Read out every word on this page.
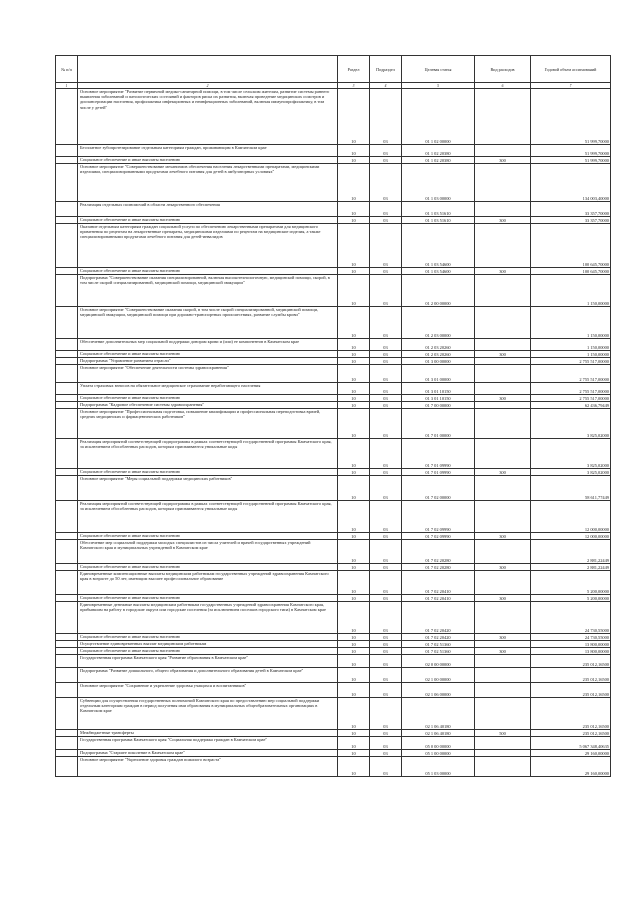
№ п/п		Раздел	Подраздел	Целевая статья	Вид расходов	Годовой объем ассигнований
1	2	3	4	5	6	7
	Основное мероприятие "Развитие первичной медико-санитарной помощи, в том числе сельским жителям, развитие системы раннего выявления заболеваний и патологических состояний и факторов риска их развития, включая проведение медицинских осмотров и диспансеризации населения, профилактика инфекционных и неинфекционных заболеваний, включая иммунопрофилактику, в том числе у детей"	10	03	01 1 02 00000		51 999,70000
	Бесплатное зубопротезирование отдельным категориям граждан, проживающим в Камчатском крае	10	03	01 1 02 20380		51 999,70000
	Социальное обеспечение и иные выплаты населению	10	03	01 1 02 20380	300	51 999,70000
	Основное мероприятие "Совершенствование механизмов обеспечения населения лекарственными препаратами, медицинскими изделиями, специализированными продуктами лечебного питания для детей в амбулаторных условиях"	10	03	01 1 03 00000		134 003,40000
	Реализация отдельных полномочий в области лекарственного обеспечения	10	03	01 1 03 51610		33 357,70000
	Социальное обеспечение и иные выплаты населению	10	03	01 1 03 51610	300	33 357,70000
	Оказание отдельным категориям граждан социальной услуги по обеспечению лекарственными препаратами для медицинского применения по рецептам на лекарственные препараты, медицинскими изделиями по рецептам на медицинские изделия, а также специализированными продуктами лечебного питания для детей-инвалидов	10	03	01 1 03 54600		100 645,70000
	Социальное обеспечение и иные выплаты населению	10	03	01 1 03 54600	300	100 645,70000
	Подпрограмма "Совершенствование оказания специализированной, включая высокотехнологичную, медицинской помощи, скорой, в том числе скорой специализированной, медицинской помощи, медицинской эвакуации"	10	03	01 2 00 00000		1 150,00000
	Основное мероприятие "Совершенствование оказания скорой, в том числе скорой специализированной, медицинской помощи, медицинской эвакуации, медицинской помощи при дорожно-транспортных происшествиях, развитие службы крови"	10	03	01 2 03 00000		1 150,00000
	Обеспечение дополнительных мер социальной поддержки донорам крови и (или) ее компонентов в Камчатском крае	10	03	01 2 03 20260		1 150,00000
	Социальное обеспечение и иные выплаты населению	10	03	01 2 03 20260	300	1 150,00000
	Подпрограмма "Управление развитием отрасли"	10	03	01 3 00 00000		2 755 517,00000
	Основное мероприятие "Обеспечение деятельности системы здравоохранения"	10	03	01 3 01 00000		2 755 517,00000
	Уплата страховых взносов на обязательное медицинское страхование неработающего населения	10	03	01 3 01 10150		2 755 517,00000
	Социальное обеспечение и иные выплаты населению	10	03	01 3 01 10150	300	2 755 517,00000
	Подпрограмма "Кадровое обеспечение системы здравоохранения"	10	03	01 7 00 00000		62 436,79449
	Основное мероприятие "Профессиональная подготовка, повышение квалификации и профессиональная переподготовка врачей, средних медицинских и фармацевтических работников"	10	03	01 7 01 00000		3 825,02000
	Реализация мероприятий соответствующей подпрограммы в рамках соответствующей государственной программы Камчатского края, за исключением обособленных расходов, которым присваиваются уникальные коды	10	03	01 7 01 09990		3 825,02000
	Социальное обеспечение и иные выплаты населению	10	03	01 7 01 09990	300	3 825,02000
	Основное мероприятие "Меры социальной поддержки медицинских работников"	10	03	01 7 02 00000		58 611,77449
	Реализация мероприятий соответствующей подпрограммы в рамках соответствующей государственной программы Камчатского края, за исключением обособленных расходов, которым присваиваются уникальные коды	10	03	01 7 02 09990		12 000,00000
	Социальное обеспечение и иные выплаты населению	10	03	01 7 02 09990	300	12 000,00000
	Обеспечение мер социальной поддержки молодых специалистов из числа учителей и врачей государственных учреждений Камчатского края и муниципальных учреждений в Камчатском крае	10	03	01 7 02 20280		2 881,22449
	Социальное обеспечение и иные выплаты населению	10	03	01 7 02 20280	300	2 881,22449
	Единовременные компенсационные выплаты медицинским работникам государственных учреждений здравоохранения Камчатского края в возрасте до 50 лет, имеющим высшее профессиональное образование	10	03	01 7 02 20410		5 200,00000
	Социальное обеспечение и иные выплаты населению	10	03	01 7 02 20410	300	5 200,00000
	Единовременные денежные выплаты медицинским работникам государственных учреждений здравоохранения Камчатского края, прибывшим на работу в городские округа или городские поселения (за исключением поселков городского типа) в Камчатском крае	10	03	01 7 02 20420		24 730,55000
	Социальное обеспечение и иные выплаты населению	10	03	01 7 02 20420	300	24 730,55000
	Осуществление единовременных выплат медицинским работникам	10	03	01 7 02 51360		13 800,00000
	Социальное обеспечение и иные выплаты населению	10	03	01 7 02 51360	300	13 800,00000
	Государственная программа Камчатского края "Развитие образования в Камчатском крае"	10	03	02 0 00 00000		235 012,16500
	Подпрограмма "Развитие дошкольного, общего образования и дополнительного образования детей в Камчатском крае"	10	03	02 1 00 00000		235 012,16500
	Основное мероприятие "Сохранение и укрепление здоровья учащихся и воспитанников"	10	03	02 1 06 00000		235 012,16500
	Субвенции для осуществления государственных полномочий Камчатского края по предоставлению мер социальной поддержки отдельным категориям граждан в период получения ими образования в муниципальных общеобразовательных организациях в Камчатском крае	10	03	02 1 06 40180		235 012,16500
	Межбюджетные трансферты	10	03	02 1 06 40180	500	235 012,16500
	Государственная программа Камчатского края "Социальная поддержка граждан в Камчатском крае"	10	03	05 0 00 00000		5 067 348,40635
	Подпрограмма "Старшее поколение в Камчатском крае"	10	03	05 1 00 00000		29 160,00000
	Основное мероприятие "Укрепление здоровья граждан пожилого возраста"	10	03	05 1 03 00000		29 160,00000
